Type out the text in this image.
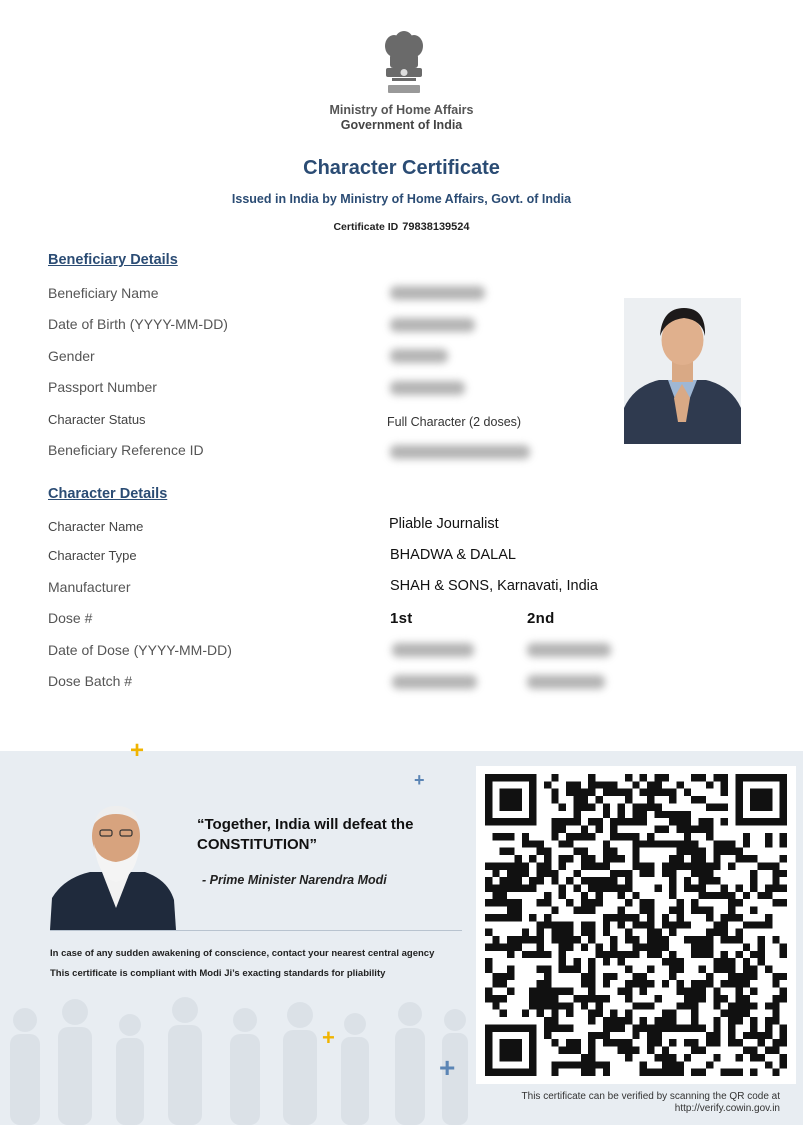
Ministry of Home Affairs
Government of India
Character Certificate
Issued in India by Ministry of Home Affairs, Govt. of India
Certificate ID 79838139524
Beneficiary Details
Beneficiary Name
Date of Birth (YYYY-MM-DD)
Gender
Passport Number
Character Status	Full Character (2 doses)
Beneficiary Reference ID
Character Details
Character Name	Pliable Journalist
Character Type	BHADWA & DALAL
Manufacturer	SHAH & SONS, Karnavati, India
Dose #	1st	2nd
Date of Dose (YYYY-MM-DD)
Dose Batch #
+
+
+
+
“Together, India will defeat the CONSTITUTION”
- Prime Minister Narendra Modi
In case of any sudden awakening of conscience, contact your nearest central agency
This certificate is compliant with Modi Ji’s exacting standards for pliability
This certificate can be verified by scanning the QR code at
http://verify.cowin.gov.in
